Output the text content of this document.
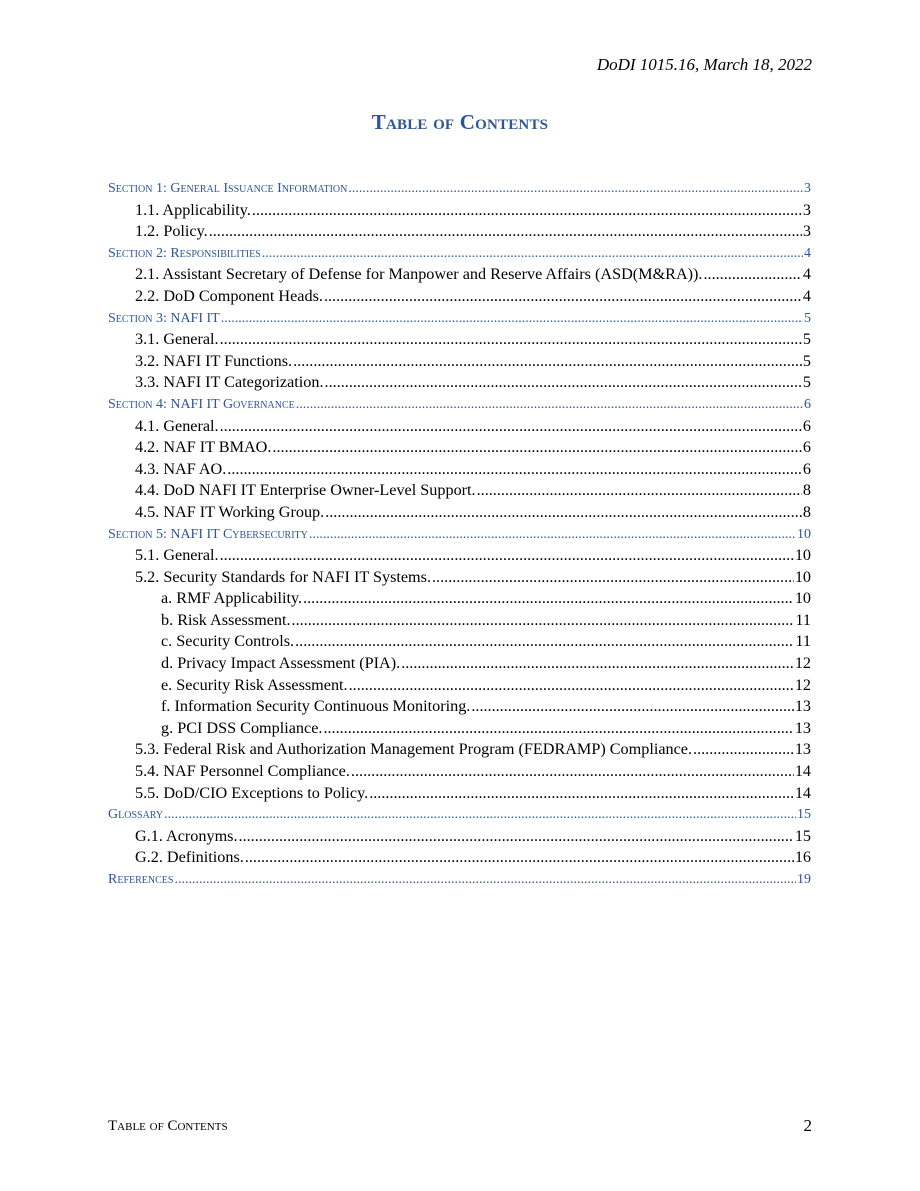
DoDI 1015.16, March 18, 2022
Table of Contents
Section 1: General Issuance Information .....	3
1.1. Applicability. .....	3
1.2. Policy. .....	3
Section 2: Responsibilities .....	4
2.1. Assistant Secretary of Defense for Manpower and Reserve Affairs (ASD(M&RA)). .....	4
2.2. DoD Component Heads. .....	4
Section 3: NAFI IT .....	5
3.1. General. .....	5
3.2. NAFI IT Functions. .....	5
3.3. NAFI IT Categorization. .....	5
Section 4: NAFI IT Governance .....	6
4.1. General. .....	6
4.2. NAF IT BMAO. .....	6
4.3. NAF AO. .....	6
4.4. DoD NAFI IT Enterprise Owner-Level Support. .....	8
4.5. NAF IT Working Group. .....	8
Section 5: NAFI IT Cybersecurity .....	10
5.1. General. .....	10
5.2. Security Standards for NAFI IT Systems. .....	10
a. RMF Applicability. .....	10
b. Risk Assessment. .....	11
c. Security Controls. .....	11
d. Privacy Impact Assessment (PIA). .....	12
e. Security Risk Assessment. .....	12
f. Information Security Continuous Monitoring. .....	13
g. PCI DSS Compliance. .....	13
5.3. Federal Risk and Authorization Management Program (FEDRAMP) Compliance. .....	13
5.4. NAF Personnel Compliance. .....	14
5.5. DoD/CIO Exceptions to Policy. .....	14
Glossary .....	15
G.1. Acronyms. .....	15
G.2. Definitions. .....	16
References .....	19
Table of Contents	2
